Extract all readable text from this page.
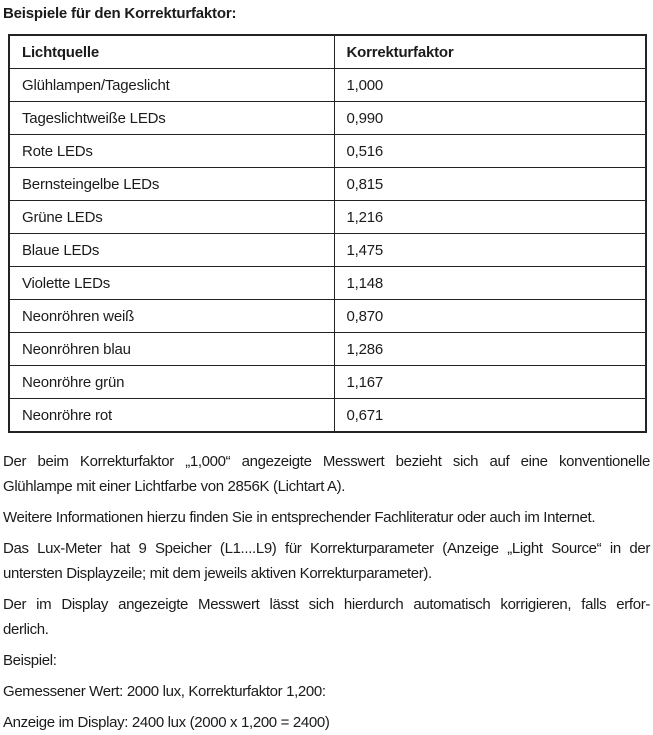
Beispiele für den Korrekturfaktor:
Lichtquelle	Korrekturfaktor
Glühlampen/Tageslicht	1,000
Tageslichtweiße LEDs	0,990
Rote LEDs	0,516
Bernsteingelbe LEDs	0,815
Grüne LEDs	1,216
Blaue LEDs	1,475
Violette LEDs	1,148
Neonröhren weiß	0,870
Neonröhren blau	1,286
Neonröhre grün	1,167
Neonröhre rot	0,671
Der beim Korrekturfaktor „1,000“ angezeigte Messwert bezieht sich auf eine konventionelle
Glühlampe mit einer Lichtfarbe von 2856K (Lichtart A).
Weitere Informationen hierzu finden Sie in entsprechender Fachliteratur oder auch im Internet.
Das Lux-Meter hat 9 Speicher (L1....L9) für Korrekturparameter (Anzeige „Light Source“ in der
untersten Displayzeile; mit dem jeweils aktiven Korrekturparameter).
Der im Display angezeigte Messwert lässt sich hierdurch automatisch korrigieren, falls erfor-
derlich.
Beispiel:
Gemessener Wert: 2000 lux, Korrekturfaktor 1,200:
Anzeige im Display: 2400 lux (2000 x 1,200 = 2400)
